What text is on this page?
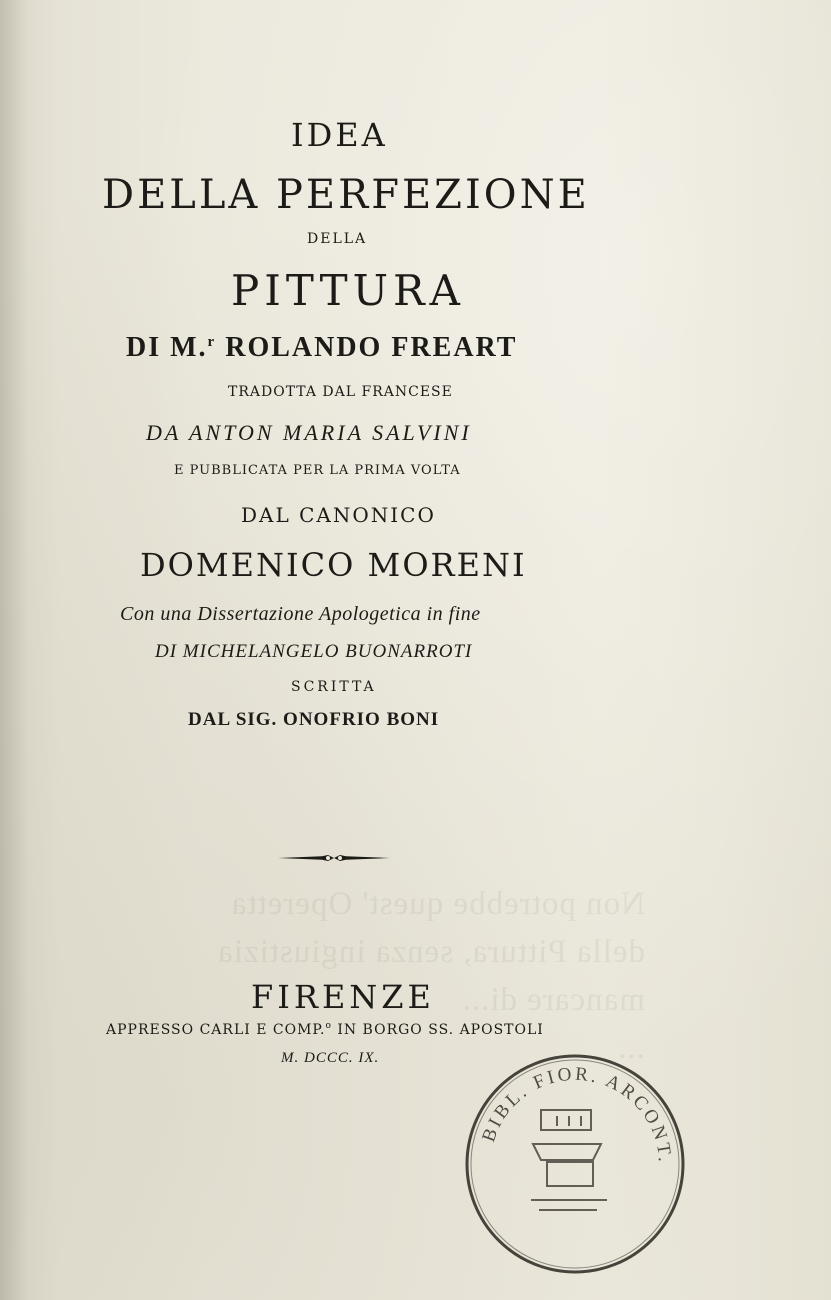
Non potrebbe quest' Operetta
della Pittura, senza ingiustizia
mancare di...
...
IDEA
DELLA PERFEZIONE
DELLA
PITTURA
DI M.$^r$ ROLANDO FREART
TRADOTTA DAL FRANCESE
DA ANTON MARIA SALVINI
E PUBBLICATA PER LA PRIMA VOLTA
DAL CANONICO
DOMENICO MORENI
Con una Dissertazione Apologetica in fine
DI MICHELANGELO BUONARROTI
SCRITTA
DAL SIG. ONOFRIO BONI
FIRENZE
APPRESSO CARLI E COMP.$^o$ IN BORGO SS. APOSTOLI
M. DCCC. IX.
BIBL. FIOR. ARCONT.
